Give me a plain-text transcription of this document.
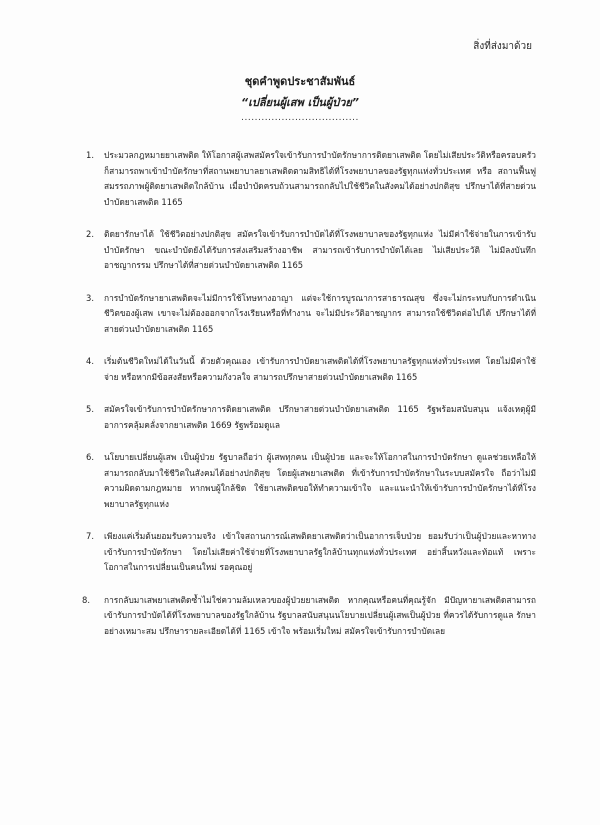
สิ่งที่ส่งมาด้วย
ชุดคำพูดประชาสัมพันธ์
“เปลี่ยนผู้เสพ เป็นผู้ป่วย”
...................................
1.	ประมวลกฎหมายยาเสพติด ให้โอกาสผู้เสพสมัครใจเข้ารับการบำบัดรักษาการติดยาเสพติด โดยไม่เสียประวัติหรือครอบครัวก็สามารถพาเข้าบำบัดรักษาที่สถานพยาบาลยาเสพติดตามสิทธิได้ที่โรงพยาบาลของรัฐทุกแห่งทั่วประเทศ หรือ สถานฟื้นฟู สมรรถภาพผู้ติดยาเสพติดใกล้บ้าน เมื่อบำบัดครบถ้วนสามารถกลับไปใช้ชีวิตในสังคมได้อย่างปกติสุข ปรึกษาได้ที่สายด่วนบำบัดยาเสพติด 1165
2.	ติดยารักษาได้ ใช้ชีวิตอย่างปกติสุข สมัครใจเข้ารับการบำบัดได้ที่โรงพยาบาลของรัฐทุกแห่ง ไม่มีค่าใช้จ่ายในการเข้ารับบำบัดรักษา ขณะบำบัดยังได้รับการส่งเสริมสร้างอาชีพ สามารถเข้ารับการบำบัดได้เลย ไม่เสียประวัติ ไม่มีลงบันทึกอาชญากรรม ปรึกษาได้ที่สายด่วนบำบัดยาเสพติด 1165
3.	การบำบัดรักษายาเสพติดจะไม่มีการใช้โทษทางอาญา แต่จะใช้การบูรณาการสาธารณสุข ซึ่งจะไม่กระทบกับการดำเนินชีวิตของผู้เสพ เขาจะไม่ต้องออกจากโรงเรียนหรือที่ทำงาน จะไม่มีประวัติอาชญากร สามารถใช้ชีวิตต่อไปได้ ปรึกษาได้ที่สายด่วนบำบัดยาเสพติด 1165
4.	เริ่มต้นชีวิตใหม่ได้ในวันนี้ ด้วยตัวคุณเอง เข้ารับการบำบัดยาเสพติดได้ที่โรงพยาบาลรัฐทุกแห่งทั่วประเทศ โดยไม่มีค่าใช้จ่าย หรือหากมีข้อสงสัยหรือความกังวลใจ สามารถปรึกษาสายด่วนบำบัดยาเสพติด 1165
5.	สมัครใจเข้ารับการบำบัดรักษาการติดยาเสพติด ปรึกษาสายด่วนบำบัดยาเสพติด 1165 รัฐพร้อมสนับสนุน แจ้งเหตุผู้มีอาการคลุ้มคลั่งจากยาเสพติด 1669 รัฐพร้อมดูแล
6.	นโยบายเปลี่ยนผู้เสพ เป็นผู้ป่วย รัฐบาลถือว่า ผู้เสพทุกคน เป็นผู้ป่วย และจะให้โอกาสในการบำบัดรักษา ดูแลช่วยเหลือให้สามารถกลับมาใช้ชีวิตในสังคมได้อย่างปกติสุข โดยผู้เสพยาเสพติด ที่เข้ารับการบำบัดรักษาในระบบสมัครใจ ถือว่าไม่มีความผิดตามกฎหมาย หากพบผู้ใกล้ชิด ใช้ยาเสพติดขอให้ทำความเข้าใจ และแนะนำให้เข้ารับการบำบัดรักษาได้ที่โรงพยาบาลรัฐทุกแห่ง
7.	เพียงแค่เริ่มต้นยอมรับความจริง เข้าใจสถานการณ์เสพติดยาเสพติดว่าเป็นอาการเจ็บป่วย ยอมรับว่าเป็นผู้ป่วยและหาทางเข้ารับการบำบัดรักษา โดยไม่เสียค่าใช้จ่ายที่โรงพยาบาลรัฐใกล้บ้านทุกแห่งทั่วประเทศ อย่าสิ้นหวังและท้อแท้ เพราะโอกาสในการเปลี่ยนเป็นคนใหม่ รอคุณอยู่
8.	การกลับมาเสพยาเสพติดซ้ำไม่ใช่ความล้มเหลวของผู้ป่วยยาเสพติด หากคุณหรือคนที่คุณรู้จัก มีปัญหายาเสพติดสามารถเข้ารับการบำบัดได้ที่โรงพยาบาลของรัฐใกล้บ้าน รัฐบาลสนับสนุนนโยบายเปลี่ยนผู้เสพเป็นผู้ป่วย ที่ควรได้รับการดูแล รักษาอย่างเหมาะสม ปรึกษารายละเอียดได้ที่ 1165 เข้าใจ พร้อมเริ่มใหม่ สมัครใจเข้ารับการบำบัดเลย
